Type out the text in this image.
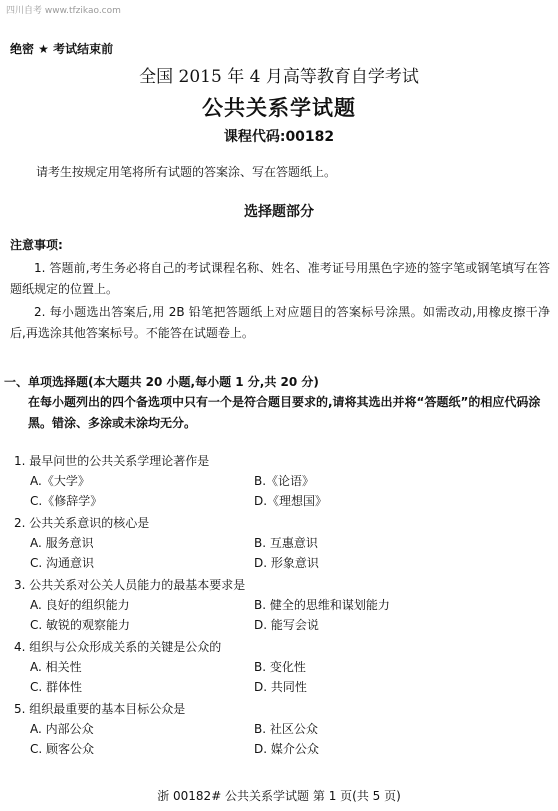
四川自考 www.tfzikao.com
绝密 ★ 考试结束前
全国 2015 年 4 月高等教育自学考试
公共关系学试题
课程代码:00182
请考生按规定用笔将所有试题的答案涂、写在答题纸上。
选择题部分
注意事项:
1. 答题前,考生务必将自己的考试课程名称、姓名、准考证号用黑色字迹的签字笔或钢笔填写在答题纸规定的位置上。
2. 每小题选出答案后,用 2B 铅笔把答题纸上对应题目的答案标号涂黑。如需改动,用橡皮擦干净后,再选涂其他答案标号。不能答在试题卷上。
一、单项选择题(本大题共 20 小题,每小题 1 分,共 20 分)
在每小题列出的四个备选项中只有一个是符合题目要求的,请将其选出并将“答题纸”的相应代码涂黑。错涂、多涂或未涂均无分。
1. 最早问世的公共关系学理论著作是
A.《大学》	B.《论语》
C.《修辞学》	D.《理想国》
2. 公共关系意识的核心是
A. 服务意识	B. 互惠意识
C. 沟通意识	D. 形象意识
3. 公共关系对公关人员能力的最基本要求是
A. 良好的组织能力	B. 健全的思维和谋划能力
C. 敏锐的观察能力	D. 能写会说
4. 组织与公众形成关系的关键是公众的
A. 相关性	B. 变化性
C. 群体性	D. 共同性
5. 组织最重要的基本目标公众是
A. 内部公众	B. 社区公众
C. 顾客公众	D. 媒介公众
浙 00182# 公共关系学试题 第 1 页(共 5 页)
